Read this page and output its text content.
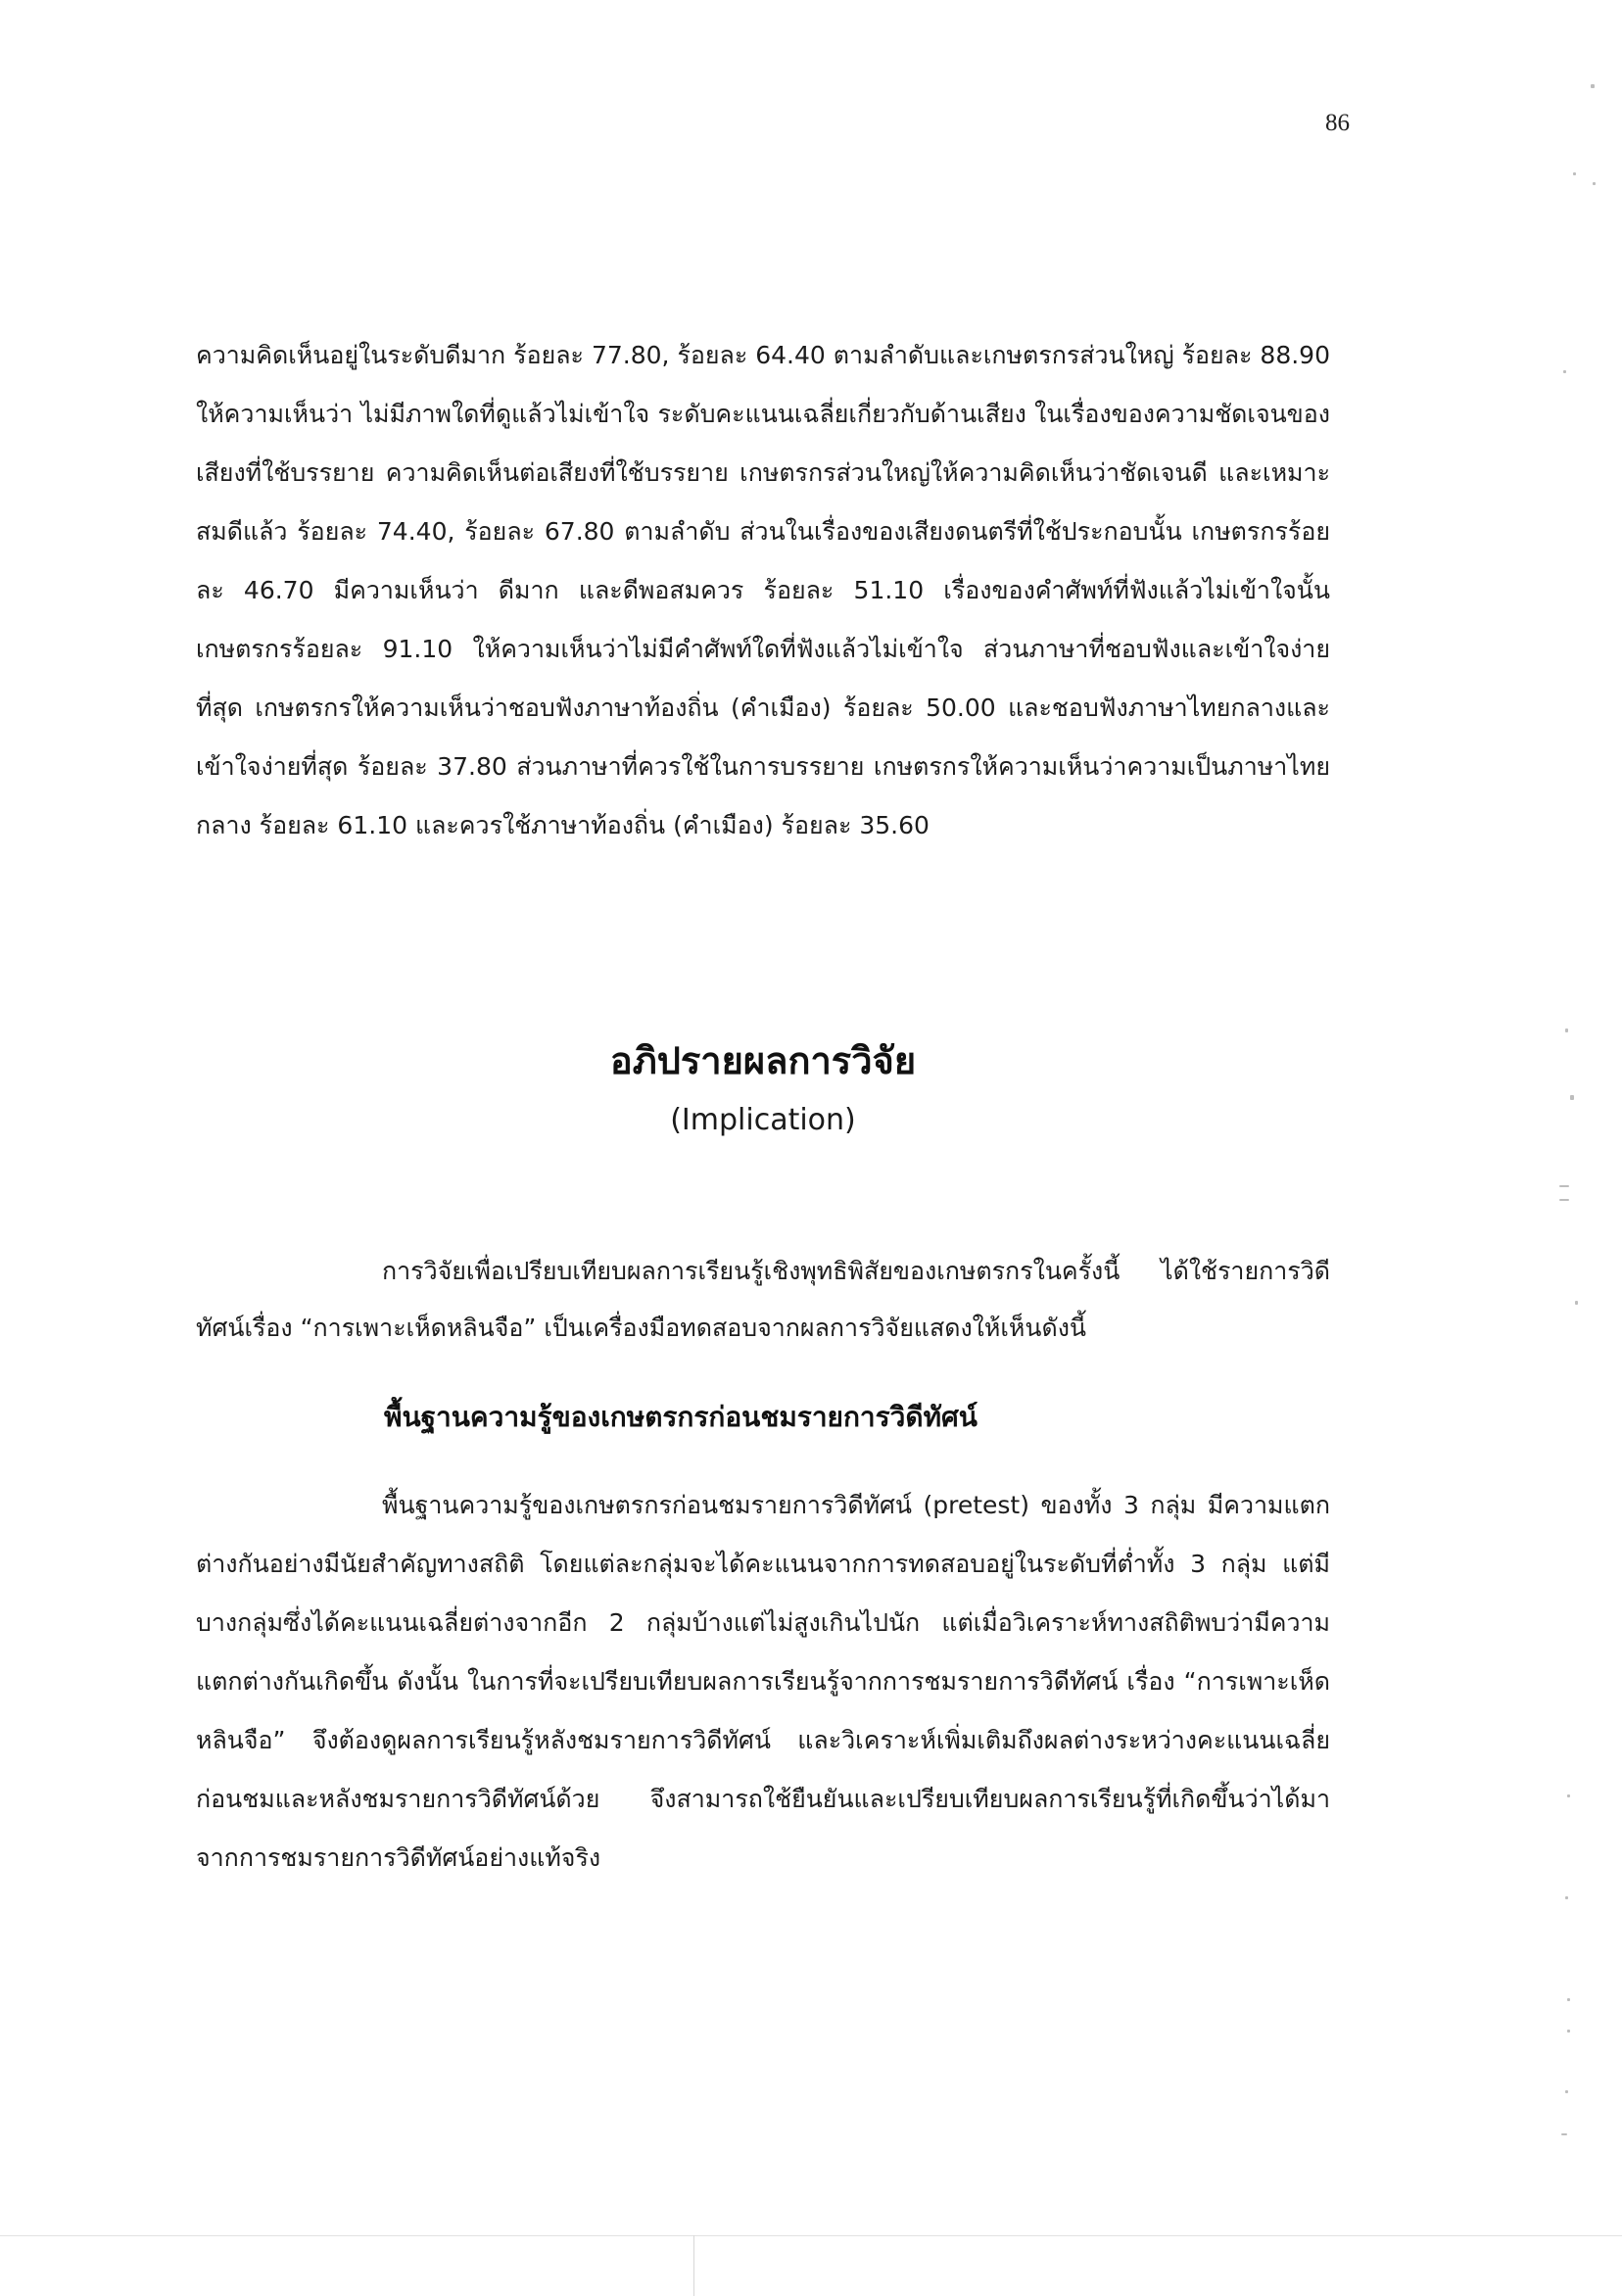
86

ความคิดเห็นอยู่ในระดับดีมาก ร้อยละ 77.80, ร้อยละ 64.40 ตามลำดับและเกษตรกรส่วนใหญ่ ร้อยละ 88.90 ให้ความเห็นว่า ไม่มีภาพใดที่ดูแล้วไม่เข้าใจ ระดับคะแนนเฉลี่ยเกี่ยวกับด้านเสียง ในเรื่องของความชัดเจนของเสียงที่ใช้บรรยาย ความคิดเห็นต่อเสียงที่ใช้บรรยาย เกษตรกรส่วนใหญ่ให้ความคิดเห็นว่าชัดเจนดี และเหมาะสมดีแล้ว ร้อยละ 74.40, ร้อยละ 67.80 ตามลำดับ ส่วนในเรื่องของเสียงดนตรีที่ใช้ประกอบนั้น เกษตรกรร้อยละ 46.70 มีความเห็นว่า ดีมาก และดีพอสมควร ร้อยละ 51.10 เรื่องของคำศัพท์ที่ฟังแล้วไม่เข้าใจนั้น เกษตรกรร้อยละ 91.10 ให้ความเห็นว่าไม่มีคำศัพท์ใดที่ฟังแล้วไม่เข้าใจ ส่วนภาษาที่ชอบฟังและเข้าใจง่ายที่สุด เกษตรกรให้ความเห็นว่าชอบฟังภาษาท้องถิ่น (คำเมือง) ร้อยละ 50.00 และชอบฟังภาษาไทยกลางและเข้าใจง่ายที่สุด ร้อยละ 37.80 ส่วนภาษาที่ควรใช้ในการบรรยาย เกษตรกรให้ความเห็นว่าความเป็นภาษาไทยกลาง ร้อยละ 61.10 และควรใช้ภาษาท้องถิ่น (คำเมือง) ร้อยละ 35.60

อภิปรายผลการวิจัย
(Implication)

การวิจัยเพื่อเปรียบเทียบผลการเรียนรู้เชิงพุทธิพิสัยของเกษตรกรในครั้งนี้ ได้ใช้รายการวิดีทัศน์เรื่อง “การเพาะเห็ดหลินจือ” เป็นเครื่องมือทดสอบจากผลการวิจัยแสดงให้เห็นดังนี้

พื้นฐานความรู้ของเกษตรกรก่อนชมรายการวิดีทัศน์

พื้นฐานความรู้ของเกษตรกรก่อนชมรายการวิดีทัศน์ (pretest) ของทั้ง 3 กลุ่ม มีความแตกต่างกันอย่างมีนัยสำคัญทางสถิติ โดยแต่ละกลุ่มจะได้คะแนนจากการทดสอบอยู่ในระดับที่ต่ำทั้ง 3 กลุ่ม แต่มีบางกลุ่มซึ่งได้คะแนนเฉลี่ยต่างจากอีก 2 กลุ่มบ้างแต่ไม่สูงเกินไปนัก แต่เมื่อวิเคราะห์ทางสถิติพบว่ามีความแตกต่างกันเกิดขึ้น ดังนั้น ในการที่จะเปรียบเทียบผลการเรียนรู้จากการชมรายการวิดีทัศน์ เรื่อง “การเพาะเห็ดหลินจือ” จึงต้องดูผลการเรียนรู้หลังชมรายการวิดีทัศน์ และวิเคราะห์เพิ่มเติมถึงผลต่างระหว่างคะแนนเฉลี่ยก่อนชมและหลังชมรายการวิดีทัศน์ด้วย จึงสามารถใช้ยืนยันและเปรียบเทียบผลการเรียนรู้ที่เกิดขึ้นว่าได้มาจากการชมรายการวิดีทัศน์อย่างแท้จริง
